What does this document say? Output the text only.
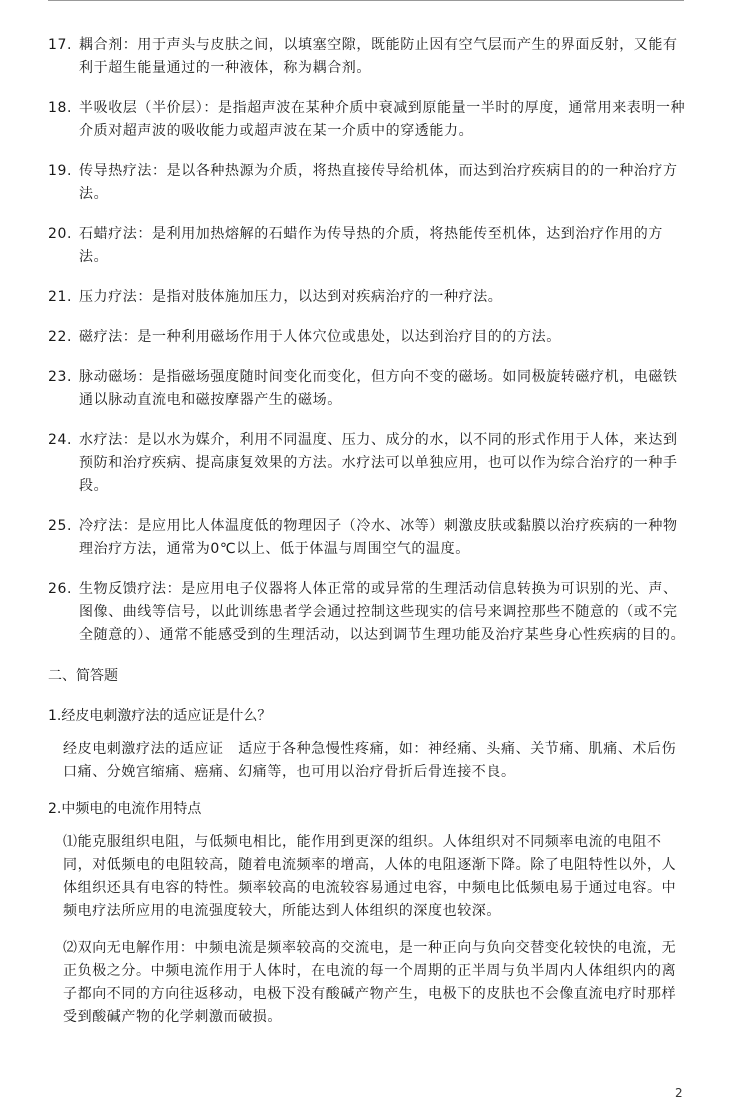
17. 耦合剂：用于声头与皮肤之间，以填塞空隙，既能防止因有空气层而产生的界面反射，又能有利于超生能量通过的一种液体，称为耦合剂。
18. 半吸收层（半价层）：是指超声波在某种介质中衰减到原能量一半时的厚度，通常用来表明一种介质对超声波的吸收能力或超声波在某一介质中的穿透能力。
19. 传导热疗法：是以各种热源为介质，将热直接传导给机体，而达到治疗疾病目的的一种治疗方法。
20. 石蜡疗法：是利用加热熔解的石蜡作为传导热的介质，将热能传至机体，达到治疗作用的方法。
21. 压力疗法：是指对肢体施加压力，以达到对疾病治疗的一种疗法。
22. 磁疗法：是一种利用磁场作用于人体穴位或患处，以达到治疗目的的方法。
23. 脉动磁场：是指磁场强度随时间变化而变化，但方向不变的磁场。如同极旋转磁疗机，电磁铁通以脉动直流电和磁按摩器产生的磁场。
24. 水疗法：是以水为媒介，利用不同温度、压力、成分的水，以不同的形式作用于人体，来达到预防和治疗疾病、提高康复效果的方法。水疗法可以单独应用，也可以作为综合治疗的一种手段。
25. 冷疗法：是应用比人体温度低的物理因子（冷水、冰等）刺激皮肤或黏膜以治疗疾病的一种物理治疗方法，通常为0℃以上、低于体温与周围空气的温度。
26. 生物反馈疗法：是应用电子仪器将人体正常的或异常的生理活动信息转换为可识别的光、声、图像、曲线等信号，以此训练患者学会通过控制这些现实的信号来调控那些不随意的（或不完全随意的）、通常不能感受到的生理活动，以达到调节生理功能及治疗某些身心性疾病的目的。
二、简答题
1.经皮电刺激疗法的适应证是什么？
经皮电刺激疗法的适应证　适应于各种急慢性疼痛，如：神经痛、头痛、关节痛、肌痛、术后伤口痛、分娩宫缩痛、癌痛、幻痛等，也可用以治疗骨折后骨连接不良。
2.中频电的电流作用特点
⑴能克服组织电阻，与低频电相比，能作用到更深的组织。人体组织对不同频率电流的电阻不同，对低频电的电阻较高，随着电流频率的增高，人体的电阻逐渐下降。除了电阻特性以外，人体组织还具有电容的特性。频率较高的电流较容易通过电容，中频电比低频电易于通过电容。中频电疗法所应用的电流强度较大，所能达到人体组织的深度也较深。
⑵双向无电解作用：中频电流是频率较高的交流电，是一种正向与负向交替变化较快的电流，无正负极之分。中频电流作用于人体时，在电流的每一个周期的正半周与负半周内人体组织内的离子都向不同的方向往返移动，电极下没有酸碱产物产生，电极下的皮肤也不会像直流电疗时那样受到酸碱产物的化学刺激而破损。
2
